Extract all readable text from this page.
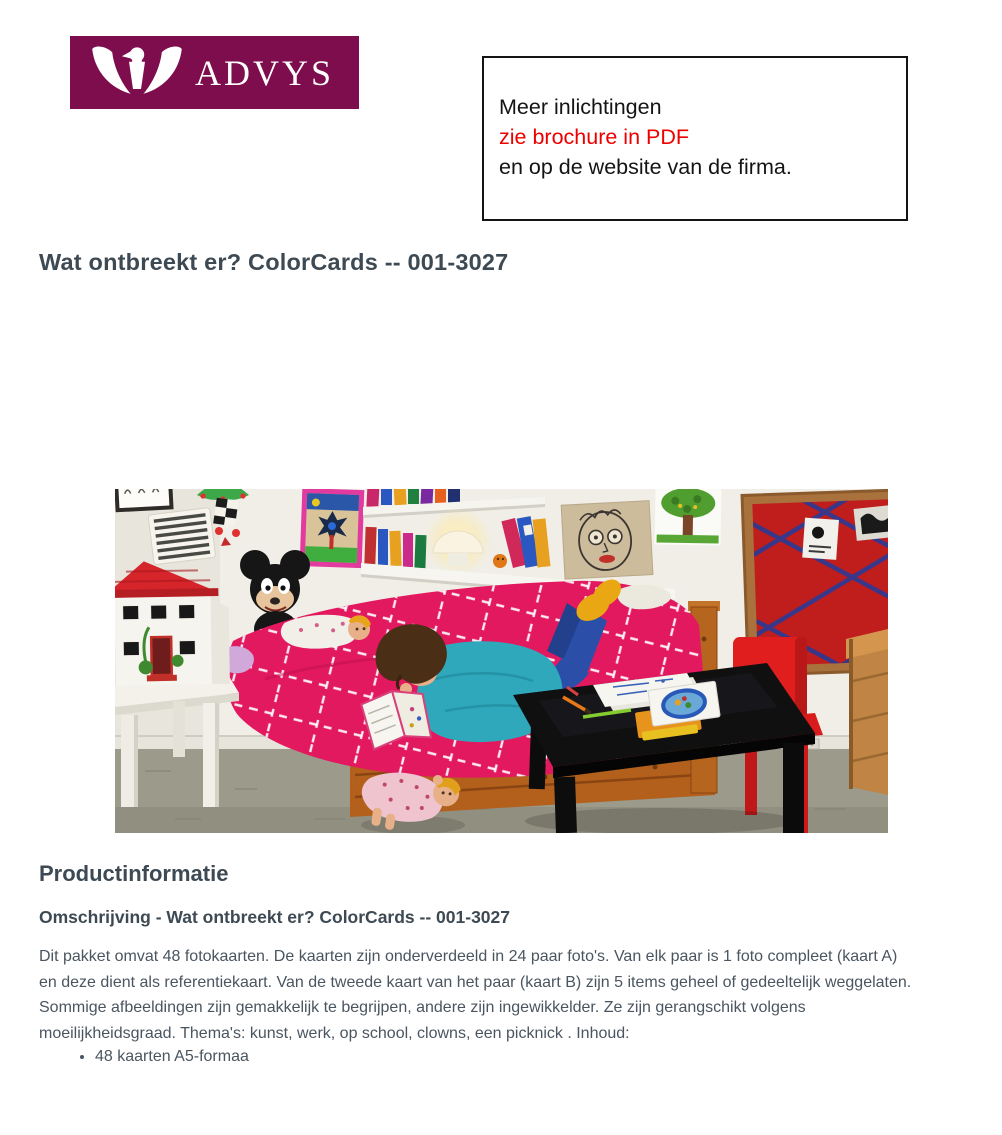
ADVYS
Meer inlichtingen
zie brochure in PDF
en op de website van de firma.
Wat ontbreekt er? ColorCards -- 001-3027
Productinformatie
Omschrijving - Wat ontbreekt er? ColorCards -- 001-3027
Dit pakket omvat 48 fotokaarten. De kaarten zijn onderverdeeld in 24 paar foto's. Van elk paar is 1 foto compleet (kaart A)
en deze dient als referentiekaart. Van de tweede kaart van het paar (kaart B) zijn 5 items geheel of gedeeltelijk weggelaten.
Sommige afbeeldingen zijn gemakkelijk te begrijpen, andere zijn ingewikkelder. Ze zijn gerangschikt volgens
moeilijkheidsgraad. Thema's: kunst, werk, op school, clowns, een picknick . Inhoud:
• 48 kaarten A5-formaa
